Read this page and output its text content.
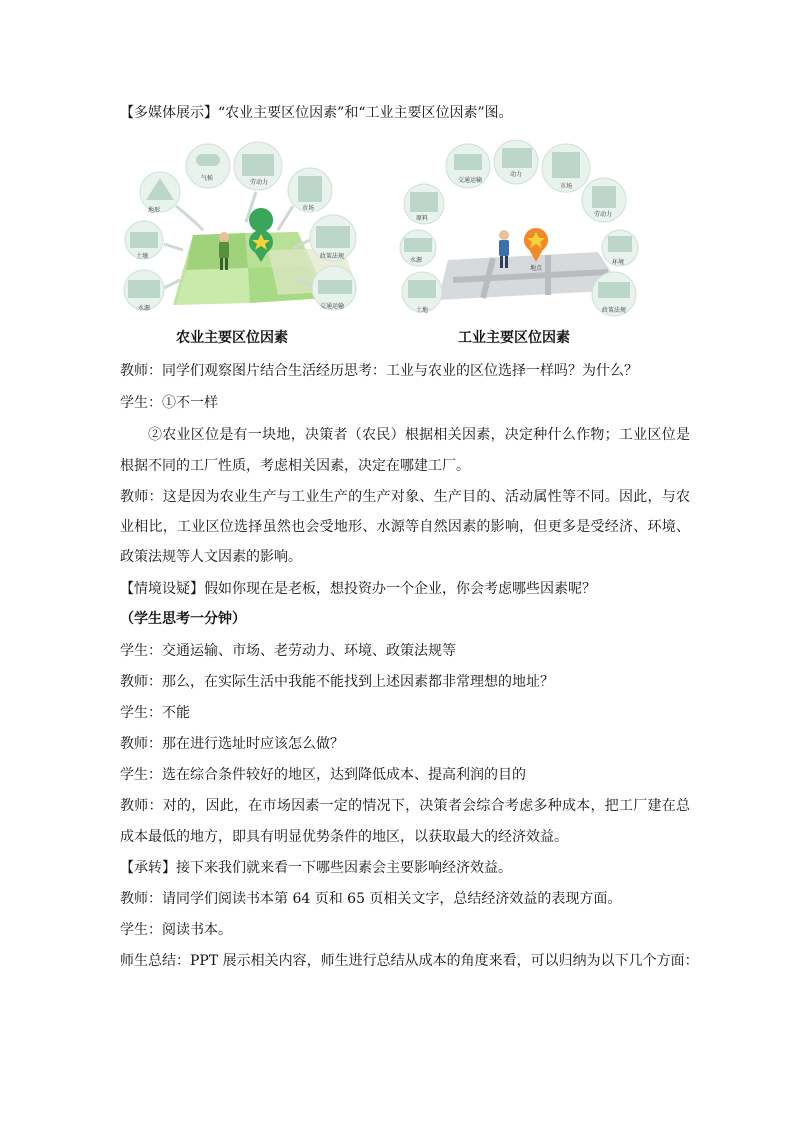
【多媒体展示】“农业主要区位因素”和“工业主要区位因素”图。

气候
劳动力
地形	市场
土壤	政策法规
水源	交通运输
农业主要区位因素
交通运输
动力
市场
原料
劳动力
环境
水源
地点
土地	政策法规
工业主要区位因素

教师：同学们观察图片结合生活经历思考：工业与农业的区位选择一样吗？为什么？

学生：①不一样

②农业区位是有一块地，决策者（农民）根据相关因素，决定种什么作物；工业区位是根据不同的工厂性质，考虑相关因素，决定在哪建工厂。

教师：这是因为农业生产与工业生产的生产对象、生产目的、活动属性等不同。因此，与农业相比，工业区位选择虽然也会受地形、水源等自然因素的影响，但更多是受经济、环境、政策法规等人文因素的影响。

【情境设疑】假如你现在是老板，想投资办一个企业，你会考虑哪些因素呢？

（学生思考一分钟）

学生：交通运输、市场、老劳动力、环境、政策法规等

教师：那么，在实际生活中我能不能找到上述因素都非常理想的地址？

学生：不能

教师：那在进行选址时应该怎么做？

学生：选在综合条件较好的地区，达到降低成本、提高利润的目的

教师：对的，因此，在市场因素一定的情况下，决策者会综合考虑多种成本，把工厂建在总成本最低的地方，即具有明显优势条件的地区，以获取最大的经济效益。

【承转】接下来我们就来看一下哪些因素会主要影响经济效益。

教师：请同学们阅读书本第 64 页和 65 页相关文字，总结经济效益的表现方面。

学生：阅读书本。

师生总结：PPT 展示相关内容，师生进行总结从成本的角度来看，可以归纳为以下几个方面：
